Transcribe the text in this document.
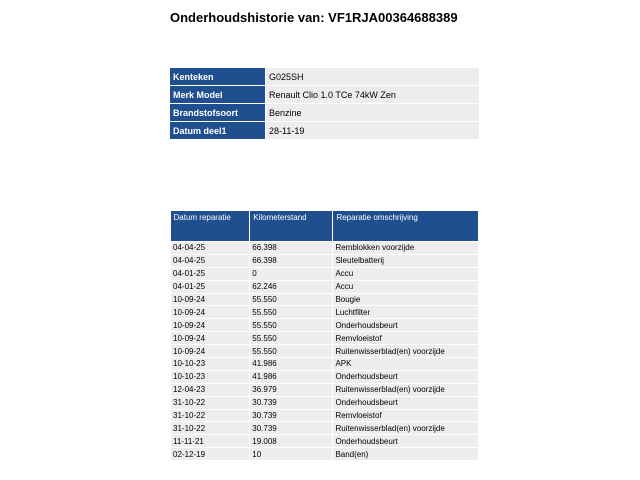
Onderhoudshistorie van: VF1RJA00364688389
Kenteken	G025SH
Merk Model	Renault Clio 1.0 TCe 74kW Zen
Brandstofsoort	Benzine
Datum deel1	28-11-19
Datum reparatie	Kilometerstand	Reparatie omschrijving
04-04-25	66.398	Remblokken voorzijde
04-04-25	66.398	Sleutelbatterij
04-01-25	0	Accu
04-01-25	62.246	Accu
10-09-24	55.550	Bougie
10-09-24	55.550	Luchtfilter
10-09-24	55.550	Onderhoudsbeurt
10-09-24	55.550	Remvloeistof
10-09-24	55.550	Ruitenwisserblad(en) voorzijde
10-10-23	41.986	APK
10-10-23	41.986	Onderhoudsbeurt
12-04-23	36.979	Ruitenwisserblad(en) voorzijde
31-10-22	30.739	Onderhoudsbeurt
31-10-22	30.739	Remvloeistof
31-10-22	30.739	Ruitenwisserblad(en) voorzijde
11-11-21	19.008	Onderhoudsbeurt
02-12-19	10	Band(en)
